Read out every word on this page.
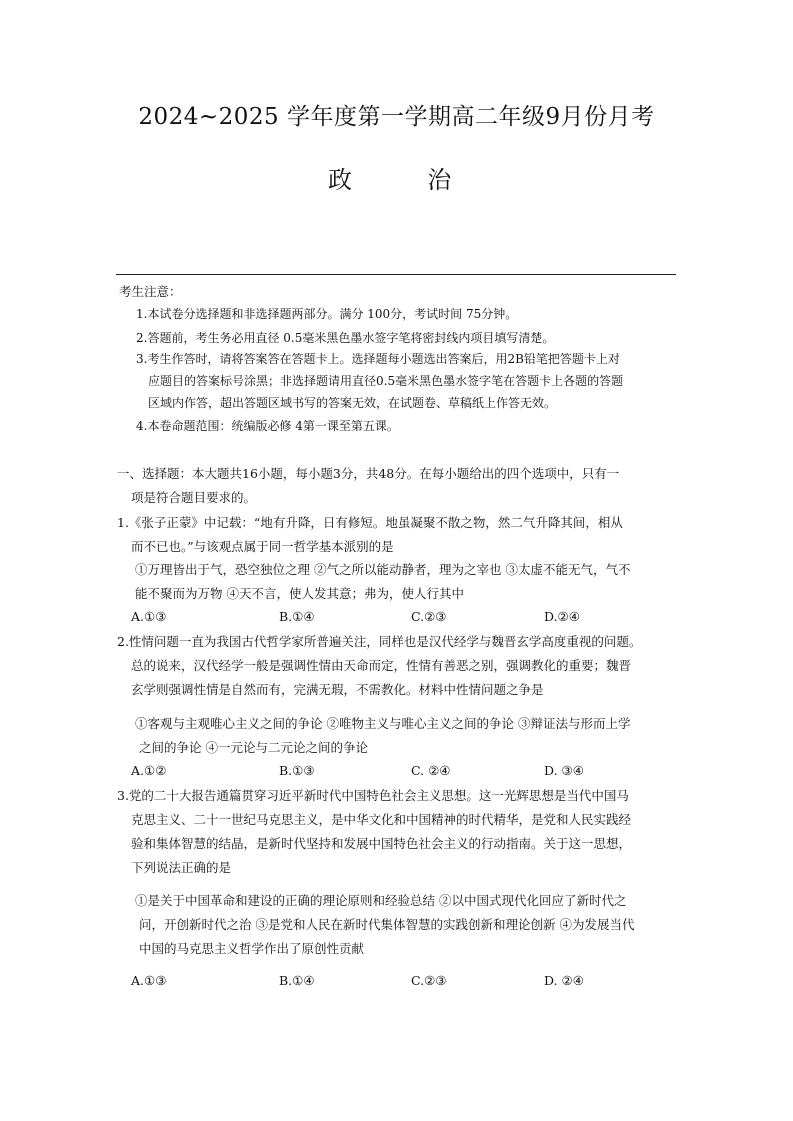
2024~2025 学年度第一学期高二年级9月份月考
政	治
考生注意：
1.本试卷分选择题和非选择题两部分。满分 100分，考试时间 75分钟。
2.答题前，考生务必用直径 0.5毫米黑色墨水签字笔将密封线内项目填写清楚。
3.考生作答时，请将答案答在答题卡上。选择题每小题选出答案后，用2B铅笔把答题卡上对
应题目的答案标号涂黑；非选择题请用直径0.5毫米黑色墨水签字笔在答题卡上各题的答题
区域内作答，超出答题区域书写的答案无效，在试题卷、草稿纸上作答无效。
4.本卷命题范围：统编版必修 4第一课至第五课。
一、选择题：本大题共16小题，每小题3分，共48分。在每小题给出的四个选项中，只有一
项是符合题目要求的。
1.《张子正蒙》中记载：“地有升降，日有修短。地虽凝聚不散之物，然二气升降其间，相从
而不已也。”与该观点属于同一哲学基本派别的是
①万理皆出于气，恐空独位之理 ②气之所以能动静者，理为之宰也 ③太虚不能无气，气不
能不聚而为万物 ④天不言，使人发其意；弗为，使人行其中
A.①③	B.①④	C.②③	D.②④
2.性情问题一直为我国古代哲学家所普遍关注，同样也是汉代经学与魏晋玄学高度重视的问题。
总的说来，汉代经学一般是强调性情由天命而定，性情有善恶之别，强调教化的重要；魏晋
玄学则强调性情是自然而有，完满无瑕，不需教化。材料中性情问题之争是
①客观与主观唯心主义之间的争论 ②唯物主义与唯心主义之间的争论 ③辩证法与形而上学
之间的争论 ④一元论与二元论之间的争论
A.①②	B.①③	C. ②④	D. ③④
3.党的二十大报告通篇贯穿习近平新时代中国特色社会主义思想。这一光辉思想是当代中国马
克思主义、二十一世纪马克思主义，是中华文化和中国精神的时代精华，是党和人民实践经
验和集体智慧的结晶，是新时代坚持和发展中国特色社会主义的行动指南。关于这一思想，
下列说法正确的是
①是关于中国革命和建设的正确的理论原则和经验总结 ②以中国式现代化回应了新时代之
问，开创新时代之治 ③是党和人民在新时代集体智慧的实践创新和理论创新 ④为发展当代
中国的马克思主义哲学作出了原创性贡献
A.①③	B.①④	C.②③	D. ②④
